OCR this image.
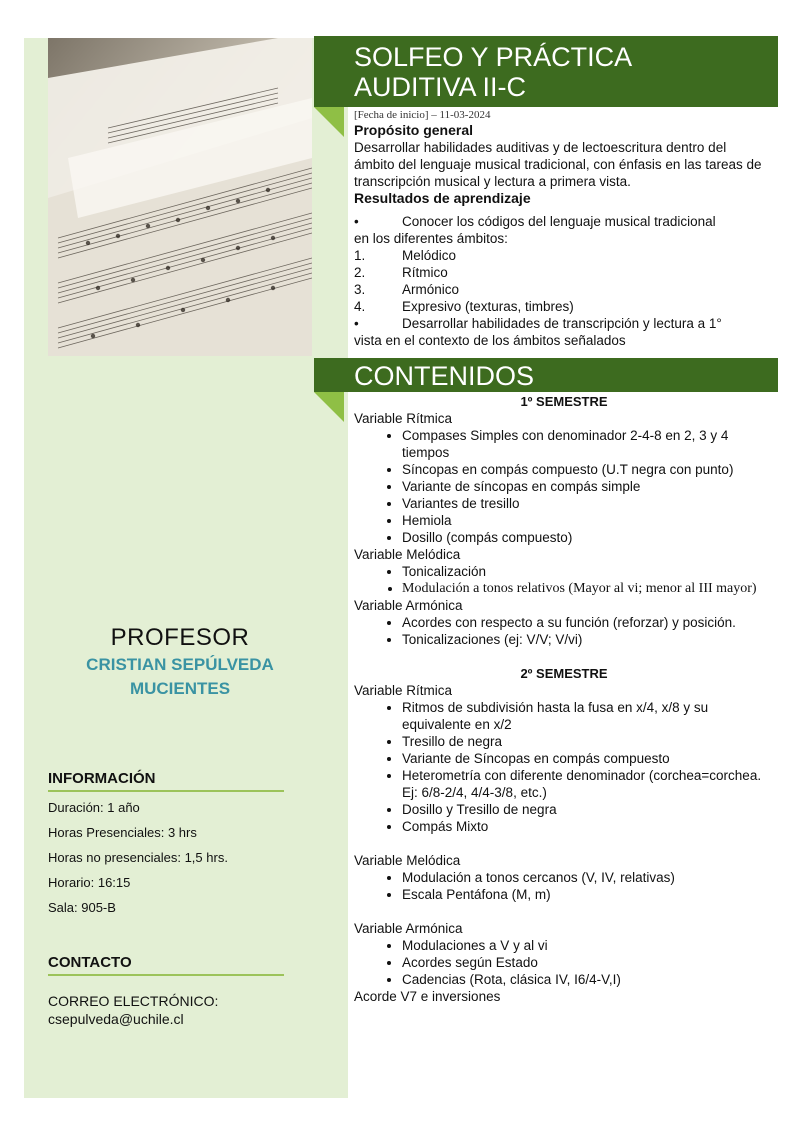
PROFESOR
CRISTIAN SEPÚLVEDA
MUCIENTES
INFORMACIÓN
Duración: 1 año
Horas Presenciales: 3 hrs
Horas no presenciales: 1,5 hrs.
Horario: 16:15
Sala: 905-B
CONTACTO
CORREO ELECTRÓNICO:
csepulveda@uchile.cl
SOLFEO Y PRÁCTICA
AUDITIVA II-C
[Fecha de inicio] – 11-03-2024
Propósito general
Desarrollar habilidades auditivas y de lectoescritura dentro del ámbito del lenguaje musical tradicional, con énfasis en las tareas de transcripción musical y lectura a primera vista.
Resultados de aprendizaje
•	Conocer los códigos del lenguaje musical tradicional
en los diferentes ámbitos:
1.	Melódico
2.	Rítmico
3.	Armónico
4.	Expresivo (texturas, timbres)
•	Desarrollar habilidades de transcripción y lectura a 1°
vista en el contexto de los ámbitos señalados
CONTENIDOS
1º SEMESTRE
Variable Rítmica
• Compases Simples con denominador 2-4-8 en 2, 3 y 4 tiempos
• Síncopas en compás compuesto (U.T negra con punto)
• Variante de síncopas en compás simple
• Variantes de tresillo
• Hemiola
• Dosillo (compás compuesto)
Variable Melódica
• Tonicalización
• Modulación a tonos relativos (Mayor al vi; menor al III mayor)
Variable Armónica
• Acordes con respecto a su función (reforzar) y posición.
• Tonicalizaciones (ej: V/V; V/vi)
2º SEMESTRE
Variable Rítmica
• Ritmos de subdivisión hasta la fusa en x/4, x/8 y su equivalente en x/2
• Tresillo de negra
• Variante de Síncopas en compás compuesto
• Heterometría con diferente denominador (corchea=corchea. Ej: 6/8-2/4, 4/4-3/8, etc.)
• Dosillo y Tresillo de negra
• Compás Mixto
Variable Melódica
• Modulación a tonos cercanos (V, IV, relativas)
• Escala Pentáfona (M, m)
Variable Armónica
• Modulaciones a V y al vi
• Acordes según Estado
• Cadencias (Rota, clásica IV, I6/4-V,I)
Acorde V7 e inversiones
